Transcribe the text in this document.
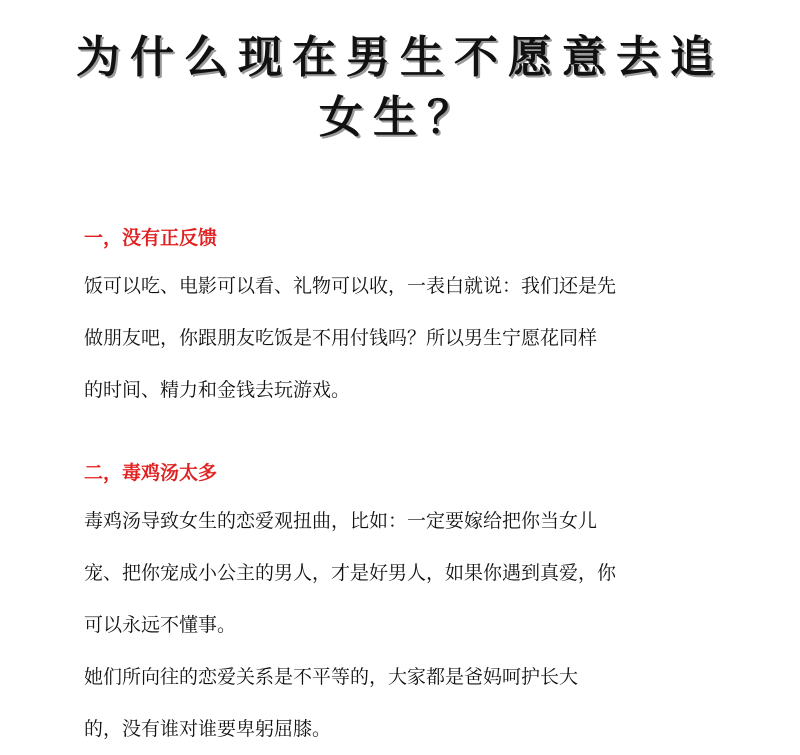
为什么现在男生不愿意去追
女生？

一，没有正反馈

饭可以吃、电影可以看、礼物可以收，一表白就说：我们还是先

做朋友吧，你跟朋友吃饭是不用付钱吗？所以男生宁愿花同样

的时间、精力和金钱去玩游戏。

二，毒鸡汤太多

毒鸡汤导致女生的恋爱观扭曲，比如：一定要嫁给把你当女儿

宠、把你宠成小公主的男人，才是好男人，如果你遇到真爱，你

可以永远不懂事。

她们所向往的恋爱关系是不平等的，大家都是爸妈呵护长大

的，没有谁对谁要卑躬屈膝。
